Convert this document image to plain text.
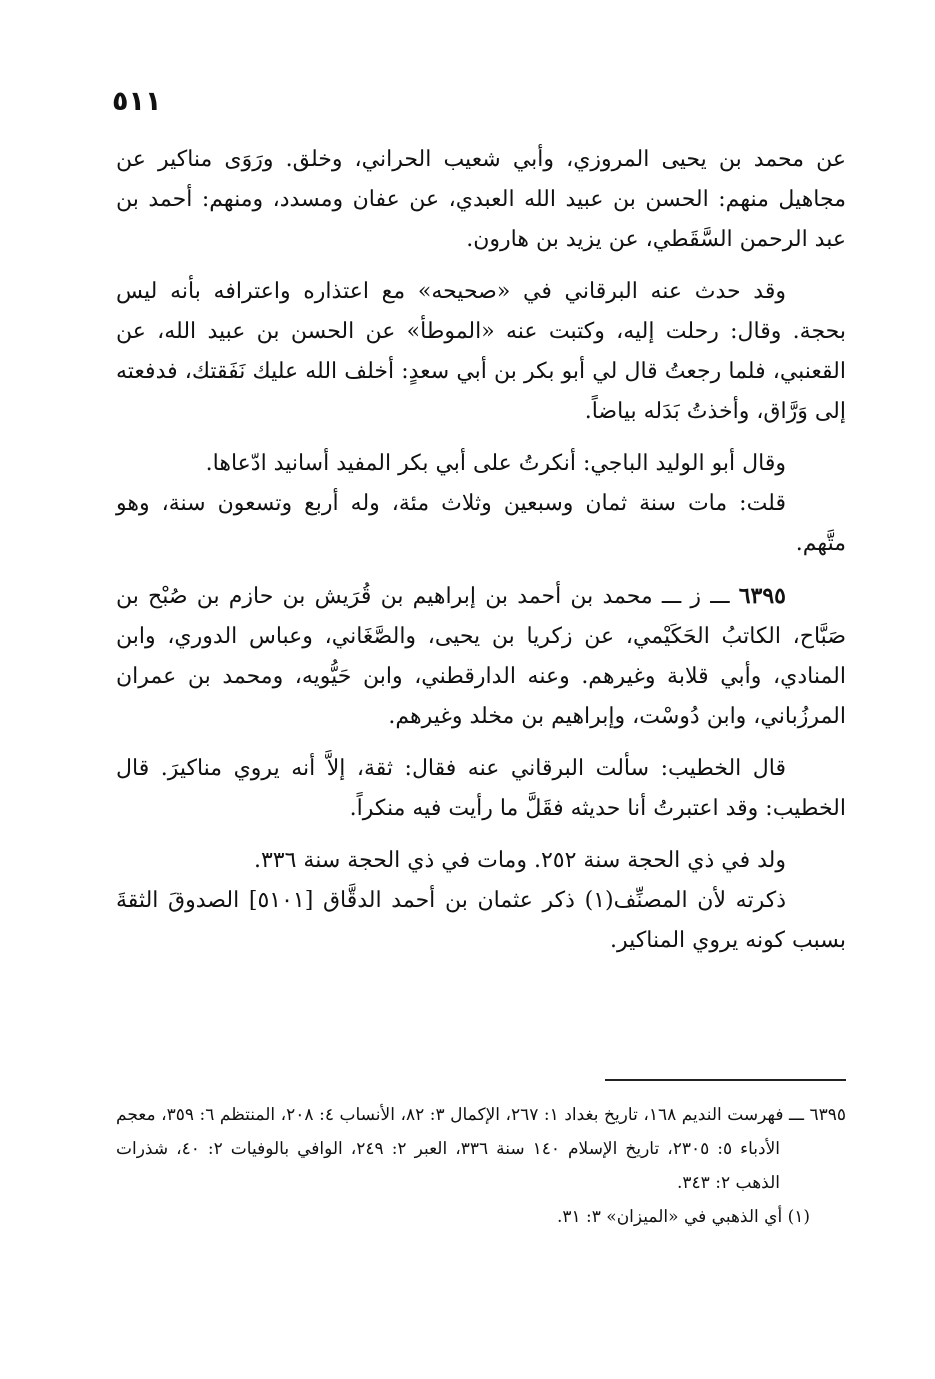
٥١١

عن محمد بن يحيى المروزي، وأبي شعيب الحراني، وخلق. ورَوَى مناكير عن مجاهيل منهم: الحسن بن عبيد الله العبدي، عن عفان ومسدد، ومنهم: أحمد بن عبد الرحمن السَّقَطي، عن يزيد بن هارون.

وقد حدث عنه البرقاني في «صحيحه» مع اعتذاره واعترافه بأنه ليس بحجة. وقال: رحلت إليه، وكتبت عنه «الموطأ» عن الحسن بن عبيد الله، عن القعنبي، فلما رجعتُ قال لي أبو بكر بن أبي سعدٍ: أخلف الله عليك نَفَقتك، فدفعته إلى وَرَّاق، وأخذتُ بَدَله بياضاً.

وقال أبو الوليد الباجي: أنكرتُ على أبي بكر المفيد أسانيد ادّعاها.

قلت: مات سنة ثمان وسبعين وثلاث مئة، وله أربع وتسعون سنة، وهو متَّهم.

٦٣٩٥ ـــ ز ـــ محمد بن أحمد بن إبراهيم بن قُرَيش بن حازم بن صُبْح بن صَبَّاح، الكاتبُ الحَكَيْمي، عن زكريا بن يحيى، والصَّغَاني، وعباس الدوري، وابن المنادي، وأبي قلابة وغيرهم. وعنه الدارقطني، وابن حَيُّويه، ومحمد بن عمران المرزُباني، وابن دُوسْت، وإبراهيم بن مخلد وغيرهم.

قال الخطيب: سألت البرقاني عنه فقال: ثقة، إلاَّ أنه يروي مناكيرَ. قال الخطيب: وقد اعتبرتُ أنا حديثه فقَلَّ ما رأيت فيه منكراً.

ولد في ذي الحجة سنة ٢٥٢. ومات في ذي الحجة سنة ٣٣٦.

ذكرته لأن المصنِّف(١) ذكر عثمان بن أحمد الدقَّاق [٥١٠١] الصدوقَ الثقةَ بسبب كونه يروي المناكير.

٦٣٩٥ ـــ فهرست النديم ١٦٨، تاريخ بغداد ١: ٢٦٧، الإكمال ٣: ٨٢، الأنساب ٤: ٢٠٨، المنتظم ٦: ٣٥٩، معجم الأدباء ٥: ٢٣٠٥، تاريخ الإسلام ١٤٠ سنة ٣٣٦، العبر ٢: ٢٤٩، الوافي بالوفيات ٢: ٤٠، شذرات الذهب ٢: ٣٤٣.

(١) أي الذهبي في «الميزان» ٣: ٣١.
